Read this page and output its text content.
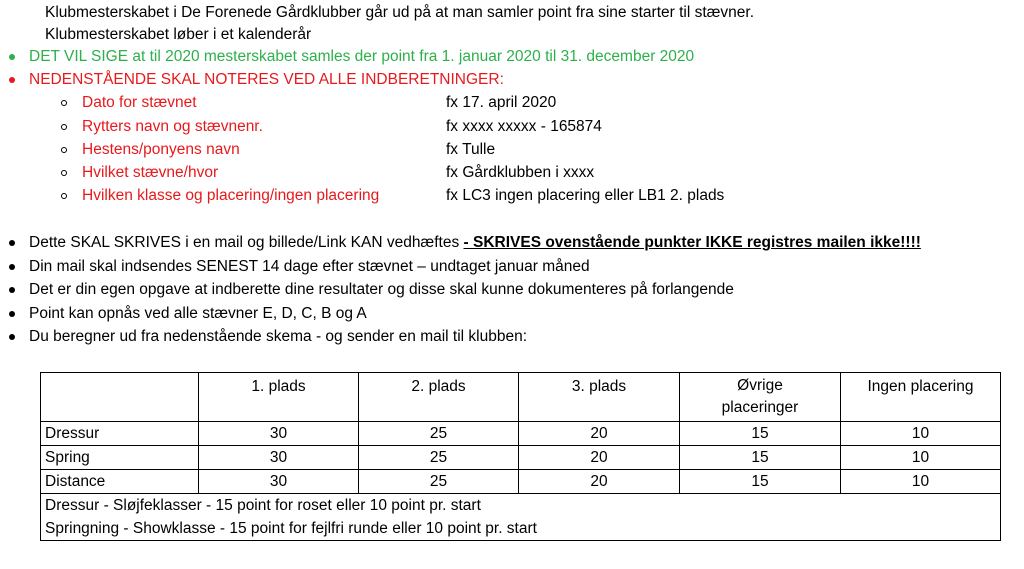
Klubmesterskabet i De Forenede Gårdklubber går ud på at man samler point fra sine starter til stævner.
Klubmesterskabet løber i et kalenderår
DET VIL SIGE at til 2020 mesterskabet samles der point fra 1. januar 2020 til 31. december 2020
NEDENSTÅENDE SKAL NOTERES VED ALLE INDBERETNINGER:
Dato for stævnet	fx 17. april 2020
Rytters navn og stævnenr.	fx xxxx xxxxx - 165874
Hestens/ponyens navn	fx Tulle
Hvilket stævne/hvor	fx Gårdklubben i xxxx
Hvilken klasse og placering/ingen placering	fx LC3 ingen placering eller LB1 2. plads
Dette SKAL SKRIVES i en mail og billede/Link KAN vedhæftes - SKRIVES ovenstående punkter IKKE registres mailen ikke!!!!
Din mail skal indsendes SENEST 14 dage efter stævnet – undtaget januar måned
Det er din egen opgave at indberette dine resultater og disse skal kunne dokumenteres på forlangende
Point kan opnås ved alle stævner E, D, C, B og A
Du beregner ud fra nedenstående skema - og sender en mail til klubben:
	1. plads	2. plads	3. plads	Øvrige placeringer	Ingen placering
Dressur	30	25	20	15	10
Spring	30	25	20	15	10
Distance	30	25	20	15	10

Dressur - Sløjfeklasser - 15 point for roset eller 10 point pr. start
Springning - Showklasse - 15 point for fejlfri runde eller 10 point pr. start					
